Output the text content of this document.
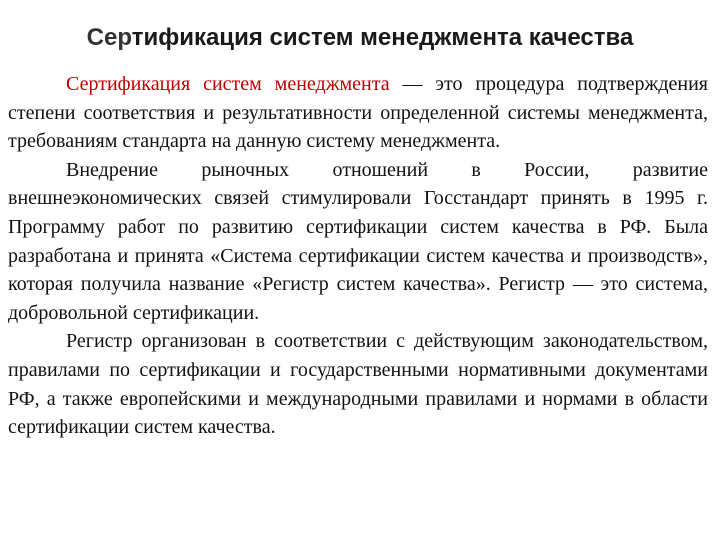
Сертификация систем менеджмента качества

Сертификация систем менеджмента — это процедура подтверждения степени соответствия и результативности определенной системы менеджмента, требованиям стандарта на данную систему менеджмента.

Внедрение рыночных отношений в России, развитие внешнеэкономических связей стимулировали Госстандарт принять в 1995 г. Программу работ по развитию сертификации систем качества в РФ. Была разработана и принята «Система сертификации систем качества и производств», которая получила название «Регистр систем качества». Регистр — это система, добровольной сертификации.

Регистр организован в соответствии с действующим законодательством, правилами по сертификации и государственными нормативными документами РФ, а также европейскими и международными правилами и нормами в области сертификации систем качества.
